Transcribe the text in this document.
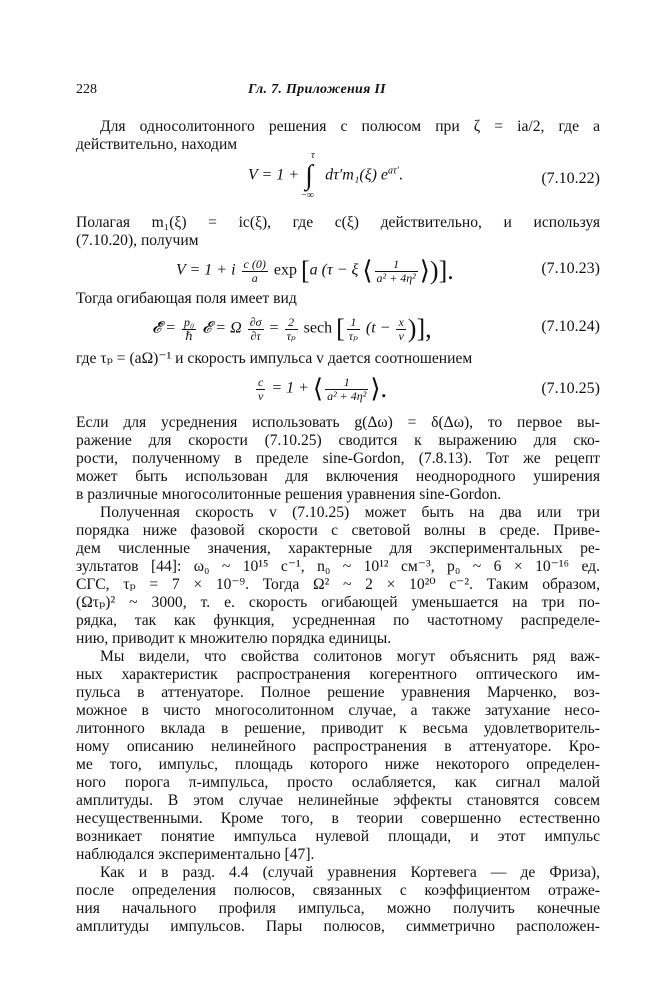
228	Гл. 7. Приложения II
Для односолитонного решения с полюсом при ζ = ia/2, где a
действительно, находим
V = 1 + ∫
τ
−∞
dτ′m₁(ξ) $e^{a\tau'}$.	(7.10.22)
Полагая m₁(ξ) = ic(ξ), где c(ξ) действительно, и используя
(7.10.20), получим
V = 1 + i $\frac{c (0)}{a}$ exp [a (τ − ξ ⟨ $\frac{1}{\text{a² + 4η²}}$ ⟩)].	(7.10.23)
Тогда огибающая поля имеет вид
𝓔̃ = $\frac{\text{p₀}}{\text{ℏ}}$ 𝓔 = Ω $\frac{\partial\sigma}{\partial\tau} = \frac{2}{\text{τₚ}}$ sech [ $\frac{1}{\text{τₚ}} (t - \frac{x}{v}$ )],	(7.10.24)
где τₚ = (aΩ)⁻¹ и скорость импульса v дается соотношением
$\frac{c}{v} = 1$ + ⟨ $\frac{1}{\text{a² + 4η²}}$ ⟩.	(7.10.25)
Если для усреднения использовать g(Δω) = δ(Δω), то первое вы-
ражение для скорости (7.10.25) сводится к выражению для ско-
рости, полученному в пределе sine-Gordon, (7.8.13). Тот же рецепт
может быть использован для включения неоднородного уширения
в различные многосолитонные решения уравнения sine-Gordon.
Полученная скорость v (7.10.25) может быть на два или три
порядка ниже фазовой скорости c световой волны в среде. Приве-
дем численные значения, характерные для экспериментальных ре-
зультатов [44]: ω₀ ~ 10¹⁵ c⁻¹, n₀ ~ 10¹² см⁻³, p₀ ~ 6 × 10⁻¹⁶ ед.
СГС, τₚ = 7 × 10⁻⁹. Тогда Ω² ~ 2 × 10²⁰ c⁻². Таким образом,
(Ωτₚ)² ~ 3000, т. е. скорость огибающей уменьшается на три по-
рядка, так как функция, усредненная по частотному распределе-
нию, приводит к множителю порядка единицы.
Мы видели, что свойства солитонов могут объяснить ряд важ-
ных характеристик распространения когерентного оптического им-
пульса в аттенуаторе. Полное решение уравнения Марченко, воз-
можное в чисто многосолитонном случае, а также затухание несо-
литонного вклада в решение, приводит к весьма удовлетворитель-
ному описанию нелинейного распространения в аттенуаторе. Кро-
ме того, импульс, площадь которого ниже некоторого определен-
ного порога π-импульса, просто ослабляется, как сигнал малой
амплитуды. В этом случае нелинейные эффекты становятся совсем
несущественными. Кроме того, в теории совершенно естественно
возникает понятие импульса нулевой площади, и этот импульс
наблюдался экспериментально [47].
Как и в разд. 4.4 (случай уравнения Кортевега — де Фриза),
после определения полюсов, связанных с коэффициентом отраже-
ния начального профиля импульса, можно получить конечные
амплитуды импульсов. Пары полюсов, симметрично расположен-
